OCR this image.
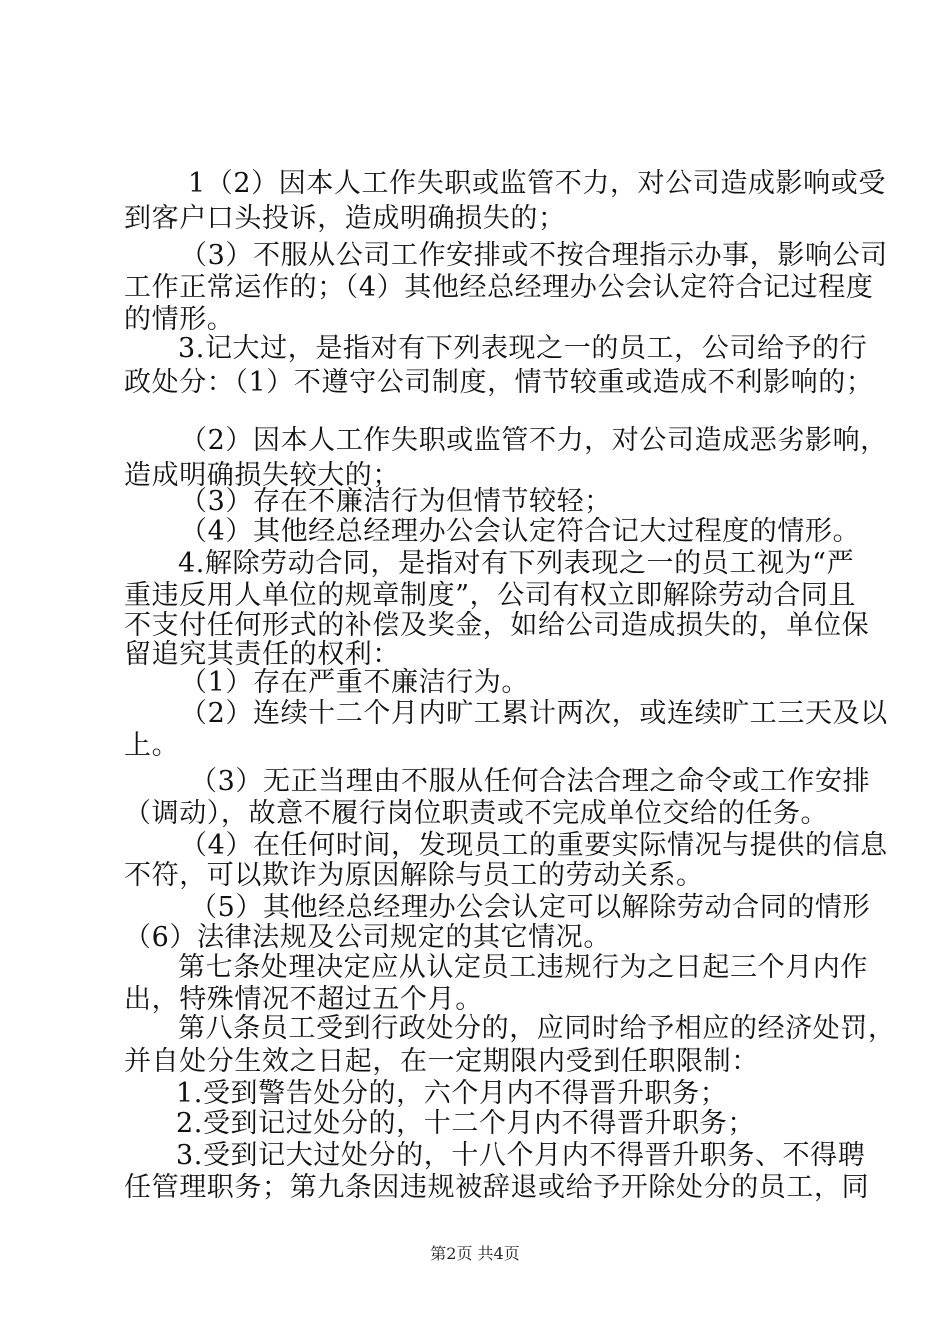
1（2）因本人工作失职或监管不力，对公司造成影响或受
到客户口头投诉，造成明确损失的；
（3）不服从公司工作安排或不按合理指示办事，影响公司
工作正常运作的；（4）其他经总经理办公会认定符合记过程度
的情形。
3.记大过，是指对有下列表现之一的员工，公司给予的行
政处分：（1）不遵守公司制度，情节较重或造成不利影响的；
（2）因本人工作失职或监管不力，对公司造成恶劣影响，
造成明确损失较大的；
（3）存在不廉洁行为但情节较轻；
（4）其他经总经理办公会认定符合记大过程度的情形。
4.解除劳动合同，是指对有下列表现之一的员工视为“严
重违反用人单位的规章制度”，公司有权立即解除劳动合同且
不支付任何形式的补偿及奖金，如给公司造成损失的，单位保
留追究其责任的权利：
（1）存在严重不廉洁行为。
（2）连续十二个月内旷工累计两次，或连续旷工三天及以
上。
（3）无正当理由不服从任何合法合理之命令或工作安排
（调动），故意不履行岗位职责或不完成单位交给的任务。
（4）在任何时间，发现员工的重要实际情况与提供的信息
不符，可以欺诈为原因解除与员工的劳动关系。
（5）其他经总经理办公会认定可以解除劳动合同的情形
（6）法律法规及公司规定的其它情况。
第七条处理决定应从认定员工违规行为之日起三个月内作
出，特殊情况不超过五个月。
第八条员工受到行政处分的，应同时给予相应的经济处罚，
并自处分生效之日起，在一定期限内受到任职限制：
1.受到警告处分的，六个月内不得晋升职务；
2.受到记过处分的，十二个月内不得晋升职务；
3.受到记大过处分的，十八个月内不得晋升职务、不得聘
任管理职务；第九条因违规被辞退或给予开除处分的员工，同
第2页 共4页
